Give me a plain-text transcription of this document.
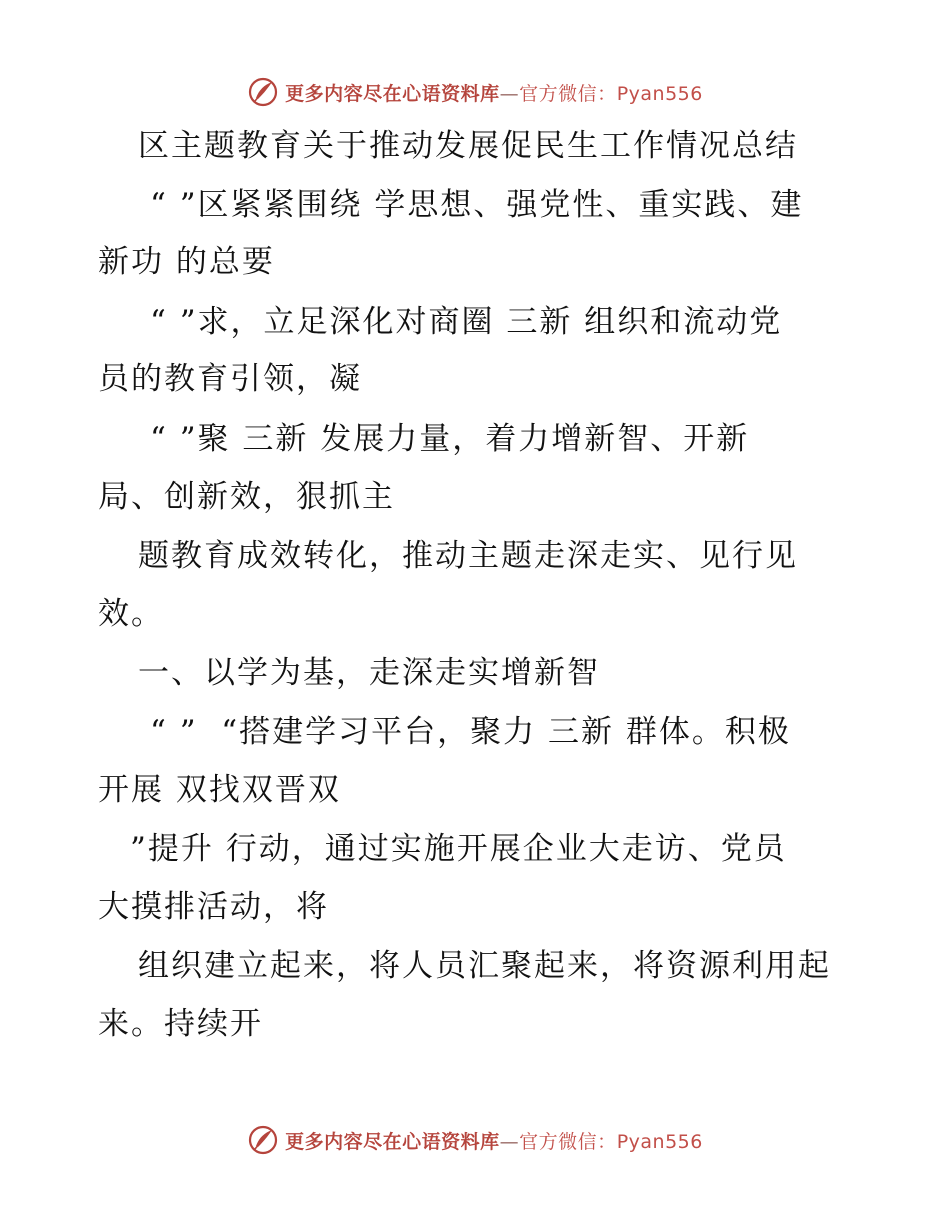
更多内容尽在心语资料库—官方微信：Pyan556
区主题教育关于推动发展促民生工作情况总结
“ ”区紧紧围绕 学思想、强党性、重实践、建
新功 的总要
“ ”求，立足深化对商圈 三新 组织和流动党
员的教育引领，凝
“ ”聚 三新 发展力量，着力增新智、开新
局、创新效，狠抓主
题教育成效转化，推动主题走深走实、见行见
效。
一、以学为基，走深走实增新智
“ ”  “搭建学习平台，聚力 三新 群体。积极
开展 双找双晋双
”提升 行动，通过实施开展企业大走访、党员
大摸排活动，将
组织建立起来，将人员汇聚起来，将资源利用起
来。持续开
更多内容尽在心语资料库—官方微信：Pyan556
